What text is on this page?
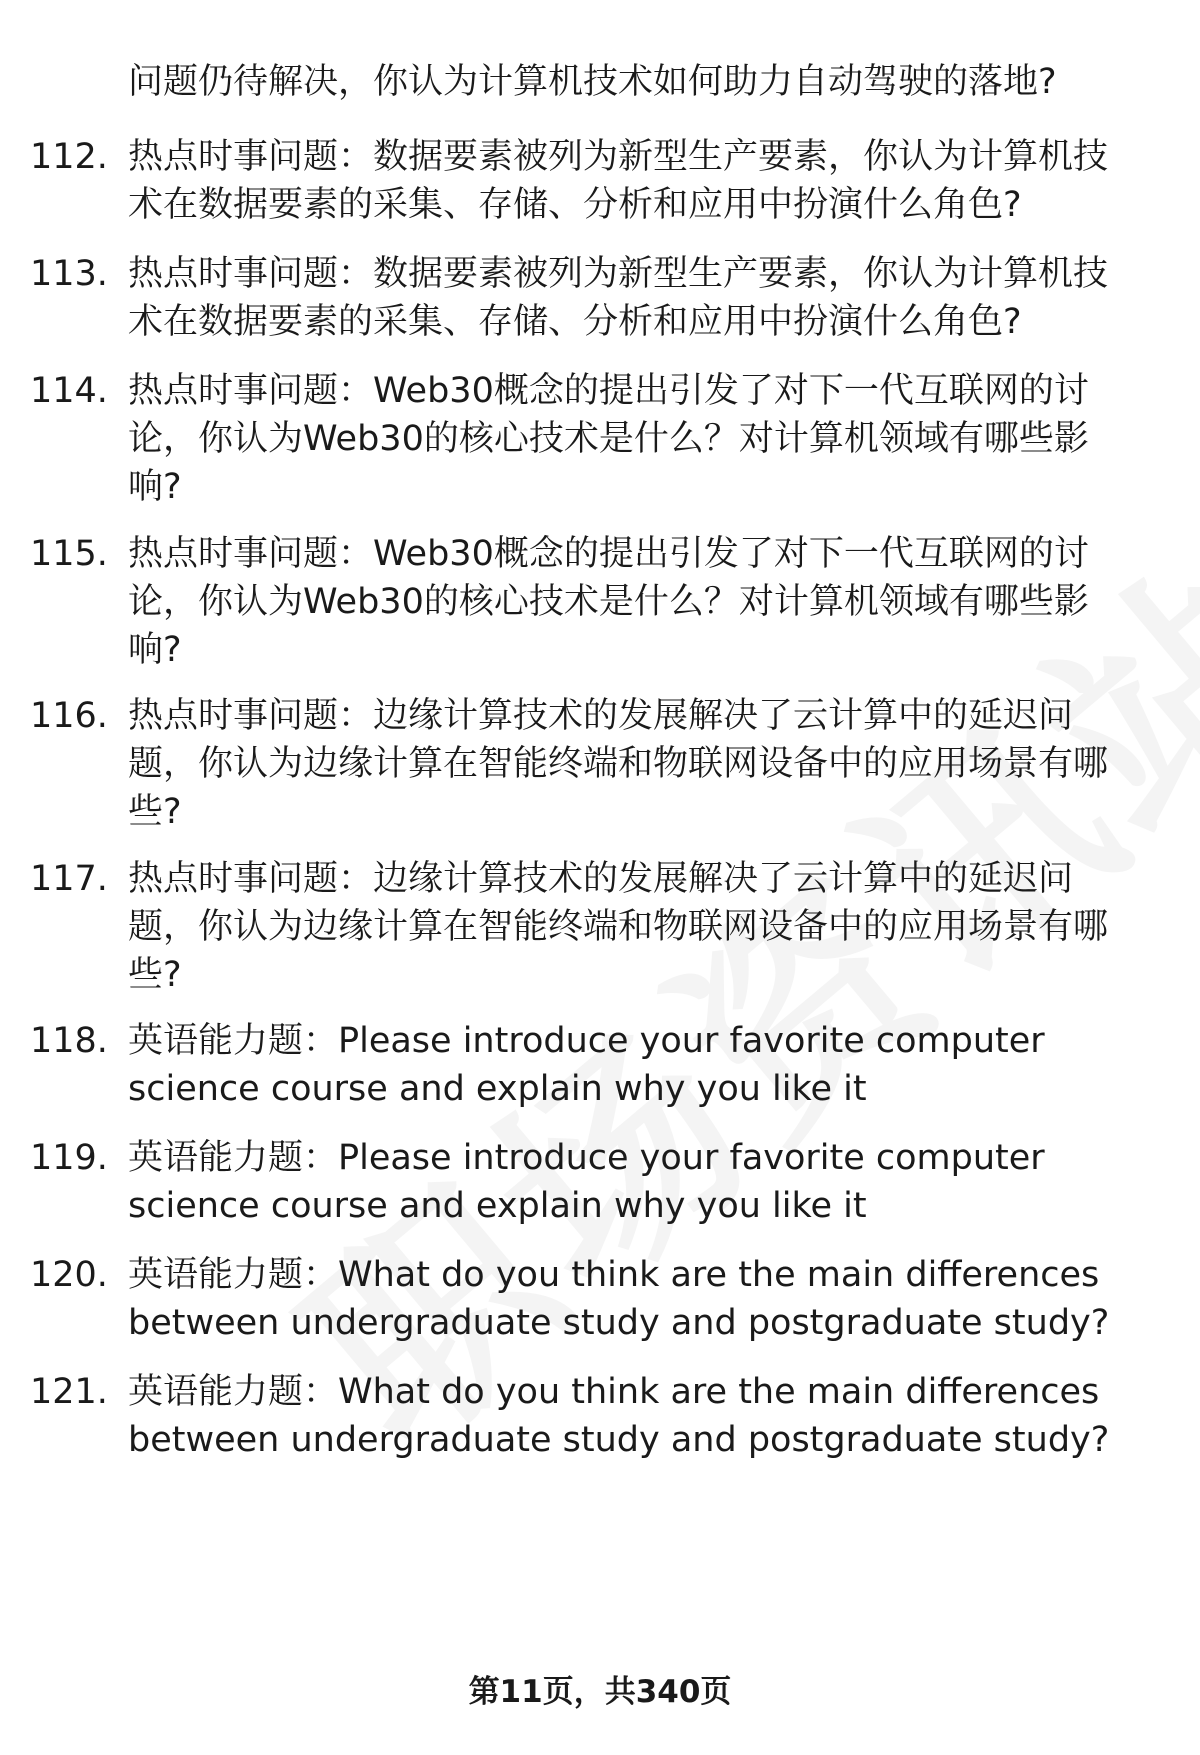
问题仍待解决，你认为计算机技术如何助力自动驾驶的落地?
112. 热点时事问题：数据要素被列为新型生产要素，你认为计算机技术在数据要素的采集、存储、分析和应用中扮演什么角色?
113. 热点时事问题：数据要素被列为新型生产要素，你认为计算机技术在数据要素的采集、存储、分析和应用中扮演什么角色?
114. 热点时事问题：Web30概念的提出引发了对下一代互联网的讨论，你认为Web30的核心技术是什么？对计算机领域有哪些影响?
115. 热点时事问题：Web30概念的提出引发了对下一代互联网的讨论，你认为Web30的核心技术是什么？对计算机领域有哪些影响?
116. 热点时事问题：边缘计算技术的发展解决了云计算中的延迟问题，你认为边缘计算在智能终端和物联网设备中的应用场景有哪些?
117. 热点时事问题：边缘计算技术的发展解决了云计算中的延迟问题，你认为边缘计算在智能终端和物联网设备中的应用场景有哪些?
118. 英语能力题：Please introduce your favorite computer science course and explain why you like it
119. 英语能力题：Please introduce your favorite computer science course and explain why you like it
120. 英语能力题：What do you think are the main differences between undergraduate study and postgraduate study?
121. 英语能力题：What do you think are the main differences between undergraduate study and postgraduate study?
第11页，共340页
